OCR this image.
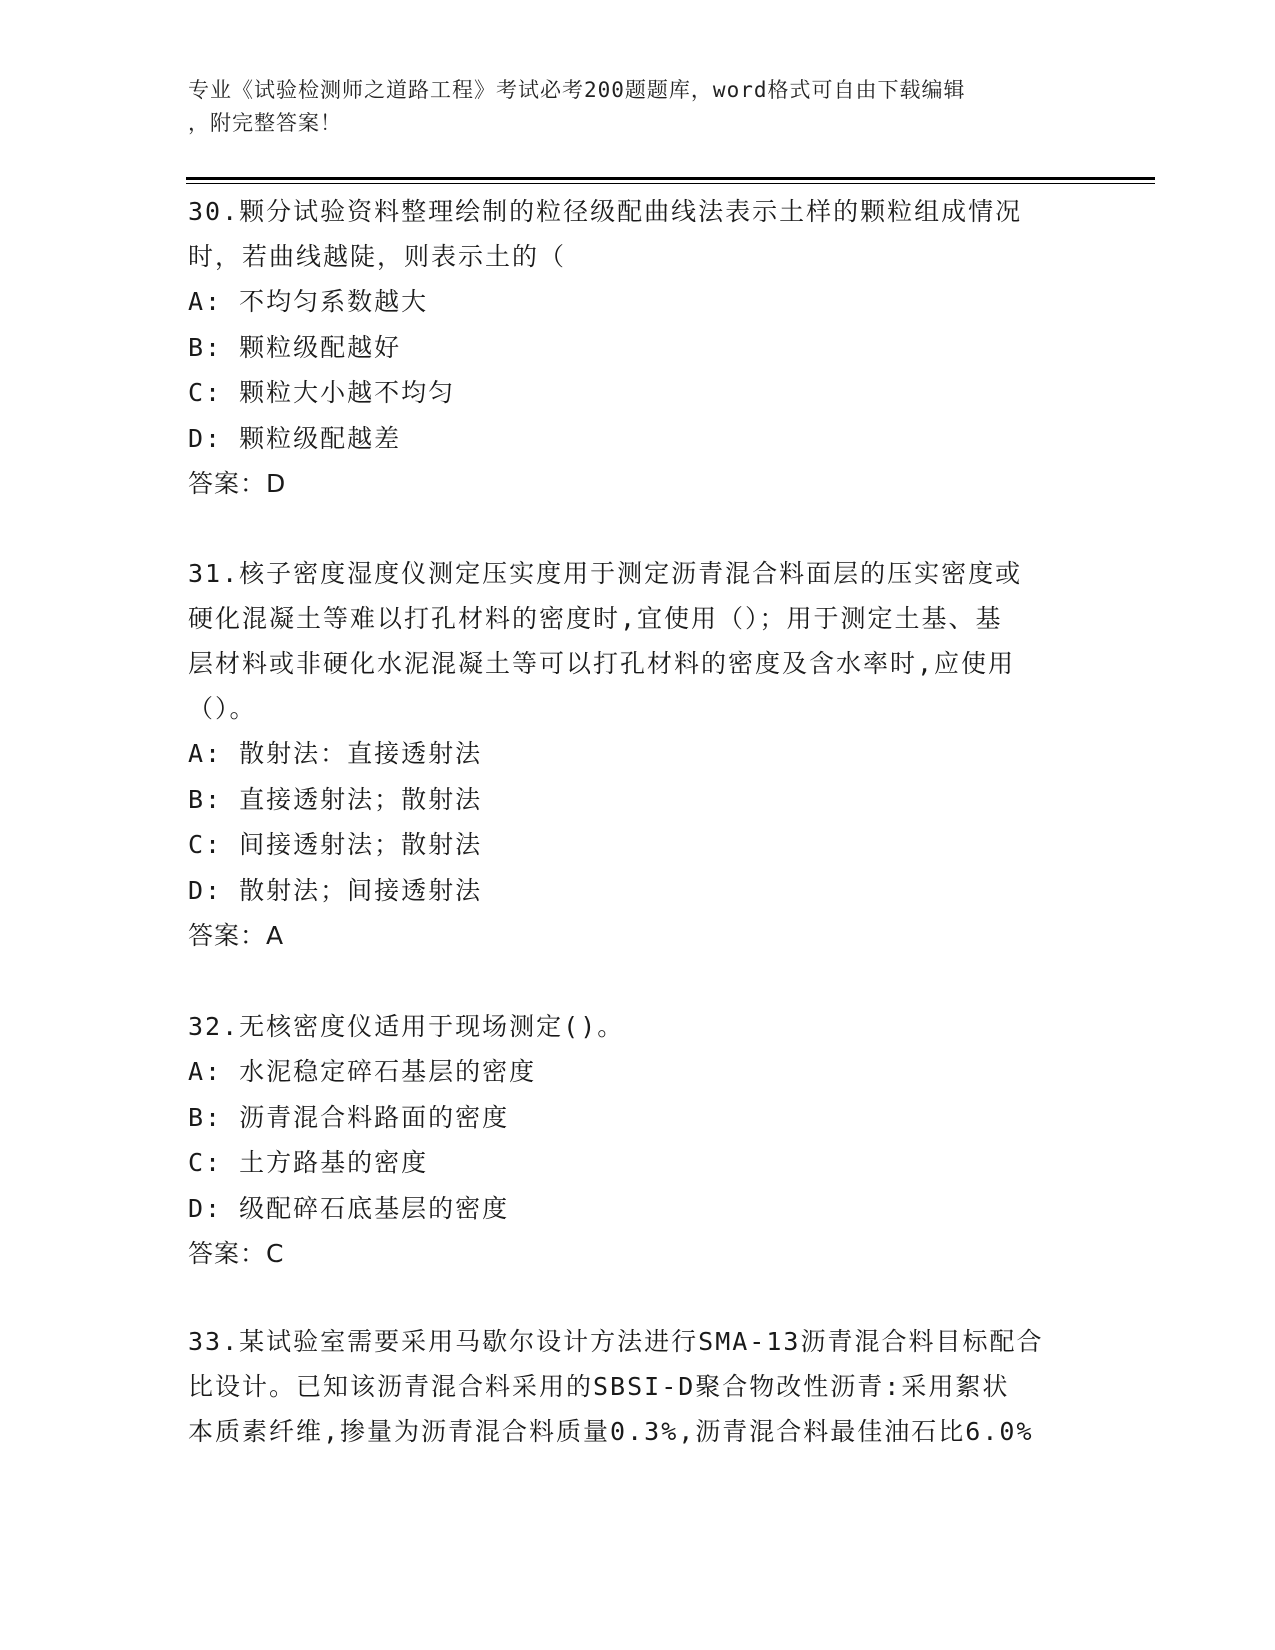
专业《试验检测师之道路工程》考试必考200题题库，word格式可自由下载编辑
，附完整答案！

30.颗分试验资料整理绘制的粒径级配曲线法表示土样的颗粒组成情况

时，若曲线越陡，则表示土的（

A: 不均匀系数越大

B: 颗粒级配越好

C: 颗粒大小越不均匀

D: 颗粒级配越差

答案：D

31.核子密度湿度仪测定压实度用于测定沥青混合料面层的压实密度或

硬化混凝土等难以打孔材料的密度时,宜使用（）；用于测定土基、基

层材料或非硬化水泥混凝土等可以打孔材料的密度及含水率时,应使用

（）。

A: 散射法：直接透射法

B: 直接透射法；散射法

C: 间接透射法；散射法

D: 散射法；间接透射法

答案：A

32.无核密度仪适用于现场测定()。

A: 水泥稳定碎石基层的密度

B: 沥青混合料路面的密度

C: 土方路基的密度

D: 级配碎石底基层的密度

答案：C

33.某试验室需要采用马歇尔设计方法进行SMA-13沥青混合料目标配合

比设计。已知该沥青混合料采用的SBSI-D聚合物改性沥青:采用絮状

本质素纤维,掺量为沥青混合料质量0.3%,沥青混合料最佳油石比6.0%
